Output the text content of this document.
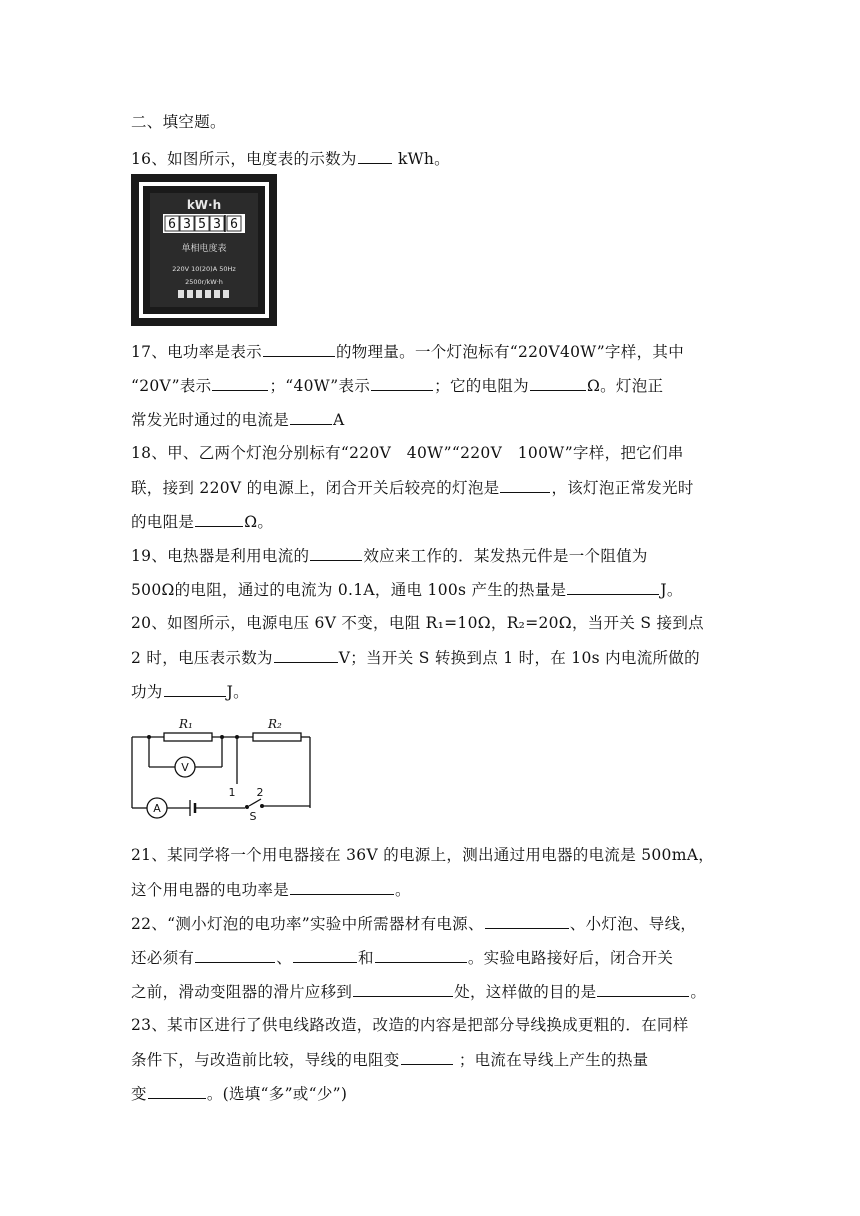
二、填空题。
16、如图所示，电度表的示数为 kWh。
kW·h
6 3 5 3 6
单相电度表
220V 10(20)A 50Hz
2500r/kW·h
17、电功率是表示	的物理量。一个灯泡标有“220V40W”字样，其中
“20V”表示	；“40W”表示	；它的电阻为	Ω。灯泡正
常发光时通过的电流是	A
18、甲、乙两个灯泡分别标有“220V   40W”“220V   100W”字样，把它们串
联，接到 220V 的电源上，闭合开关后较亮的灯泡是	，该灯泡正常发光时
的电阻是	Ω。
19、电热器是利用电流的	效应来工作的．某发热元件是一个阻值为
500Ω的电阻，通过的电流为 0.1A，通电 100s 产生的热量是	J。
20、如图所示，电源电压 6V 不变，电阻 R₁=10Ω，R₂=20Ω，当开关 S 接到点
2 时，电压表示数为	V；当开关 S 转换到点 1 时，在 10s 内电流所做的
功为	J。
R₁	R₂
V
A
1 2
S
21、某同学将一个用电器接在 36V 的电源上，测出通过用电器的电流是 500mA，
这个用电器的电功率是	。
22、“测小灯泡的电功率”实验中所需器材有电源、	、小灯泡、导线，
还必须有	、	和	。实验电路接好后，闭合开关
之前，滑动变阻器的滑片应移到	处，这样做的目的是	。
23、某市区进行了供电线路改造，改造的内容是把部分导线换成更粗的．在同样
条件下，与改造前比较，导线的电阻变	；电流在导线上产生的热量
变	。(选填“多”或“少”)
